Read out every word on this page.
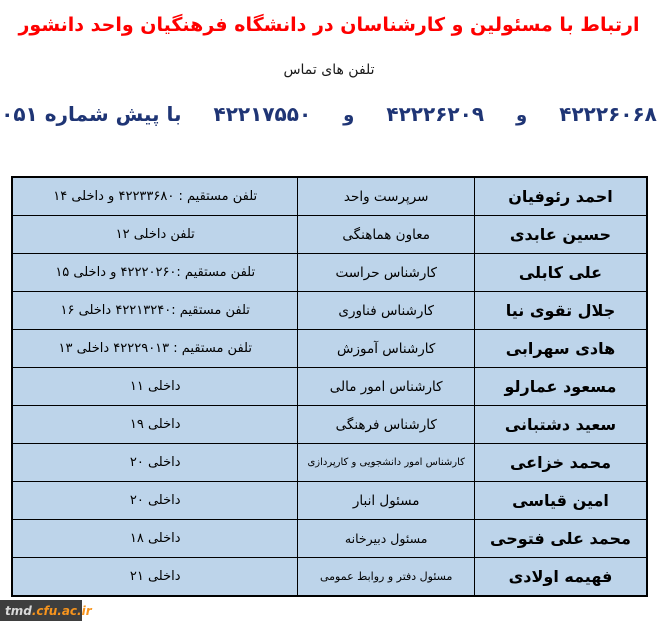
ارتباط با مسئولین و کارشناسان در دانشگاه فرهنگیان واحد دانشور
تلفن های تماس
۴۲۲۲۶۰۶۸
و
۴۲۲۲۶۲۰۹
و
۴۲۲۱۷۵۵۰
با پیش شماره ۰۵۱
احمد رئوفیان	سرپرست واحد	تلفن مستقیم : ۴۲۲۳۳۶۸۰ و داخلی ۱۴
حسین عابدی	معاون هماهنگی	تلفن داخلی ۱۲
علی کابلی	کارشناس حراست	تلفن مستقیم :۴۲۲۲۰۲۶۰ و داخلی ۱۵
جلال تقوی نیا	کارشناس فناوری	تلفن مستقیم :۴۲۲۱۳۲۴۰ داخلی ۱۶
هادی سهرابی	کارشناس آموزش	تلفن مستقیم : ۴۲۲۲۹۰۱۳ داخلی ۱۳
مسعود عمارلو	کارشناس امور مالی	داخلی ۱۱
سعید دشتبانی	کارشناس فرهنگی	داخلی ۱۹
محمد خزاعی	کارشناس امور دانشجویی و کارپردازی	داخلی ۲۰
امین قیاسی	مسئول انبار	داخلی ۲۰
محمد علی فتوحی	مسئول دبیرخانه	داخلی ۱۸
فهیمه اولادی	مسئول دفتر و روابط عمومی	داخلی ۲۱
tmd .cfu.ac.ir
